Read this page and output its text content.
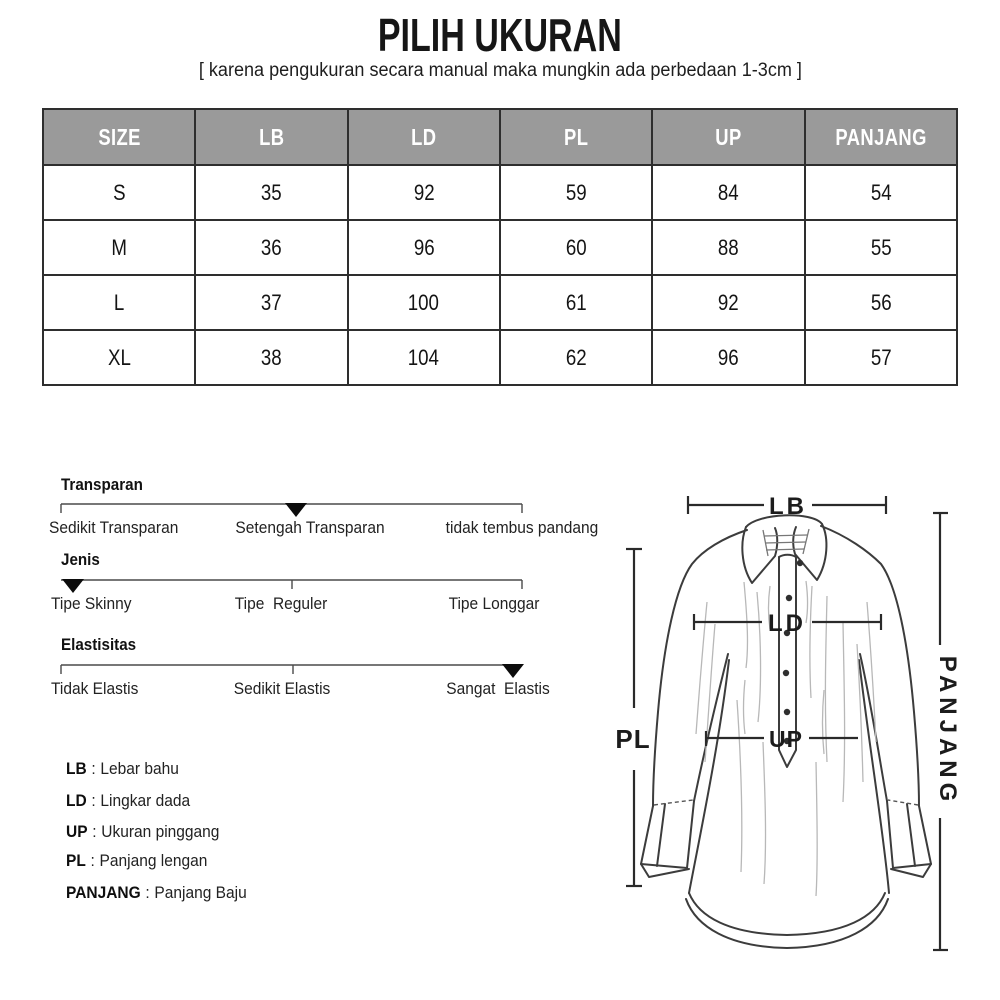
PILIH UKURAN
[ karena pengukuran secara manual maka mungkin ada perbedaan 1-3cm ]
SIZE	LB	LD	PL	UP	PANJANG
S	35	92	59	84	54
M	36	96	60	88	55
L	37	100	61	92	56
XL	38	104	62	96	57
Transparan
Sedikit Transparan	Setengah Transparan	tidak tembus pandang
Jenis
Tipe Skinny	Tipe  Reguler	Tipe Longgar
Elastisitas
Tidak Elastis	Sedikit Elastis	Sangat  Elastis

LB : Lebar bahu

LD : Lingkar dada

UP : Ukuran pinggang

PL : Panjang lengan

PANJANG : Panjang Baju

LB
LD
UP
PL	PANJANG
